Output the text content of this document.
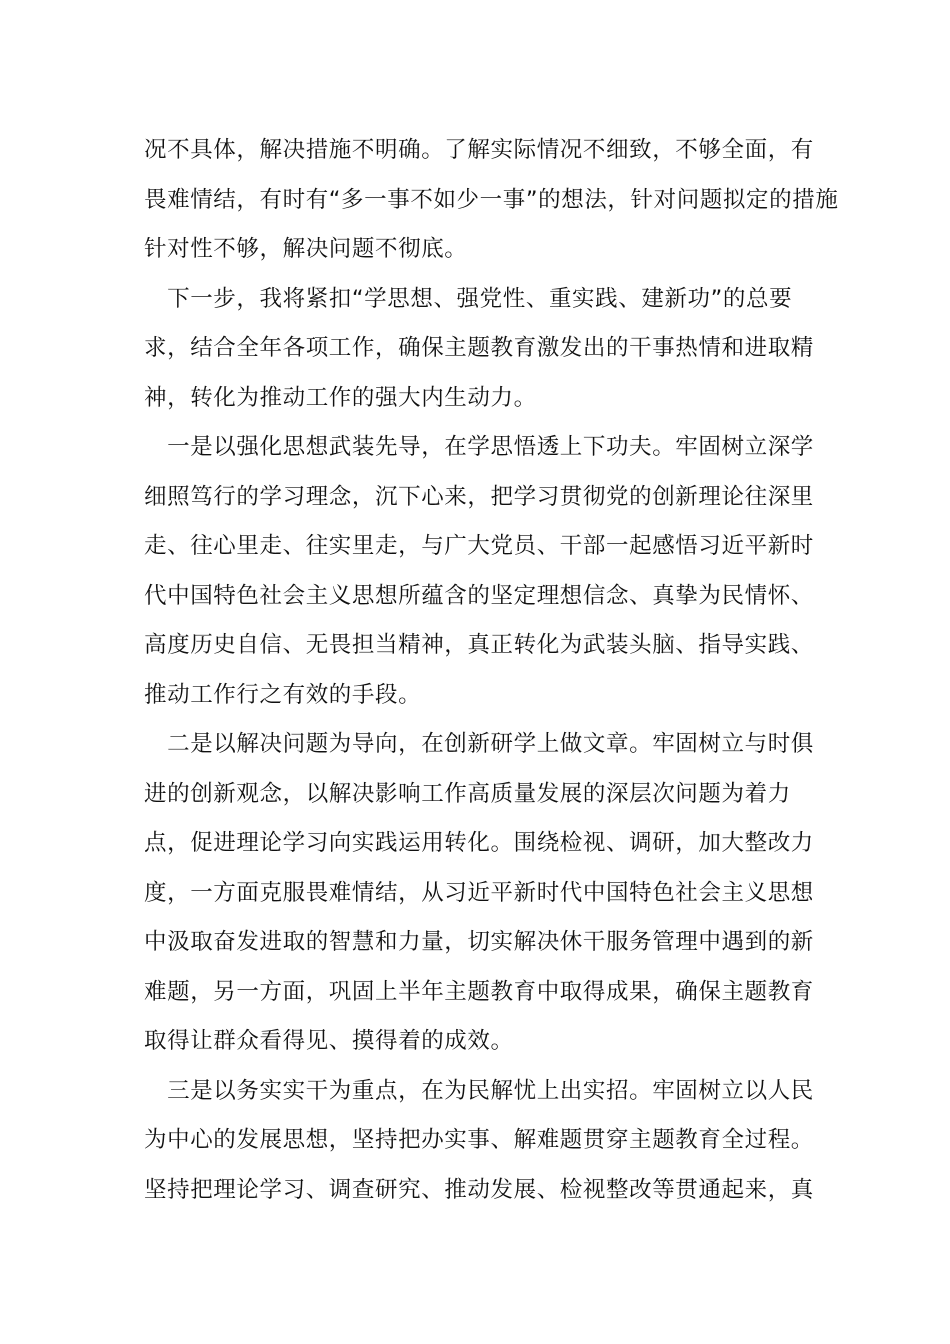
况不具体，解决措施不明确。了解实际情况不细致，不够全面，有
畏难情结，有时有“多一事不如少一事”的想法，针对问题拟定的措施
针对性不够，解决问题不彻底。
　下一步，我将紧扣“学思想、强党性、重实践、建新功”的总要
求，结合全年各项工作，确保主题教育激发出的干事热情和进取精
神，转化为推动工作的强大内生动力。
　一是以强化思想武装先导，在学思悟透上下功夫。牢固树立深学
细照笃行的学习理念，沉下心来，把学习贯彻党的创新理论往深里
走、往心里走、往实里走，与广大党员、干部一起感悟习近平新时
代中国特色社会主义思想所蕴含的坚定理想信念、真挚为民情怀、
高度历史自信、无畏担当精神，真正转化为武装头脑、指导实践、
推动工作行之有效的手段。
　二是以解决问题为导向，在创新研学上做文章。牢固树立与时俱
进的创新观念，以解决影响工作高质量发展的深层次问题为着力
点，促进理论学习向实践运用转化。围绕检视、调研，加大整改力
度，一方面克服畏难情结，从习近平新时代中国特色社会主义思想
中汲取奋发进取的智慧和力量，切实解决休干服务管理中遇到的新
难题，另一方面，巩固上半年主题教育中取得成果，确保主题教育
取得让群众看得见、摸得着的成效。
　三是以务实实干为重点，在为民解忧上出实招。牢固树立以人民
为中心的发展思想，坚持把办实事、解难题贯穿主题教育全过程。
坚持把理论学习、调查研究、推动发展、检视整改等贯通起来，真
